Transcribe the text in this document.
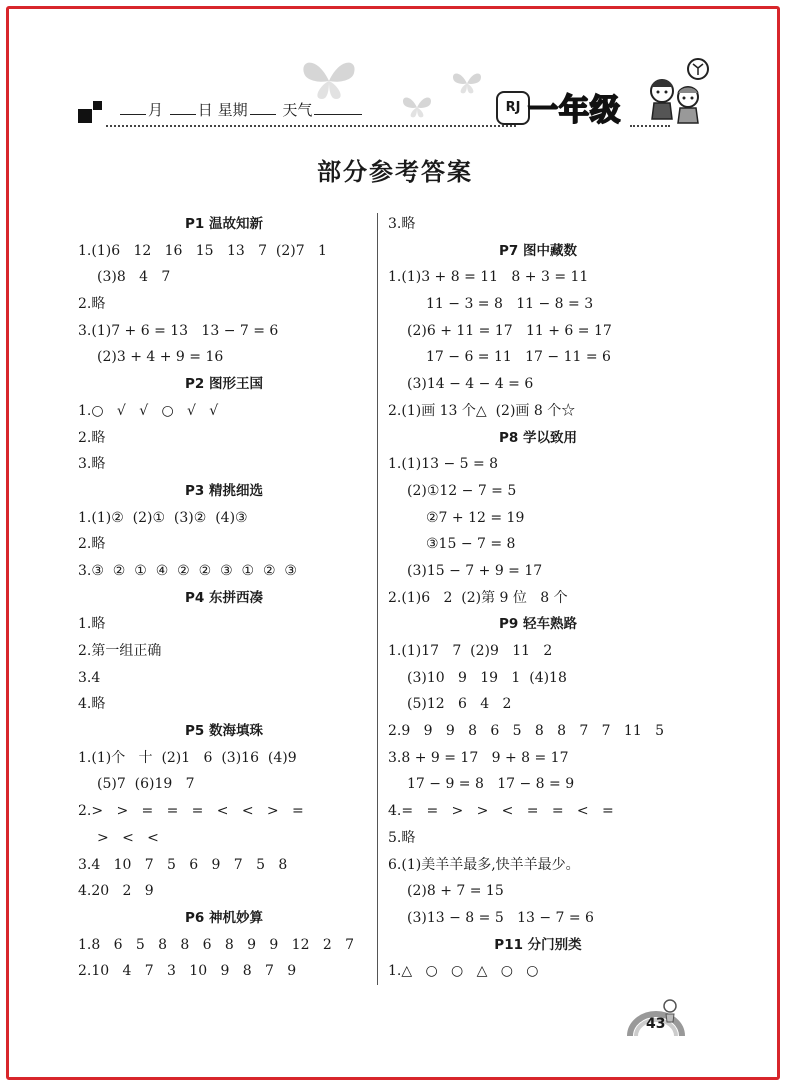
月 日 星期 天气	RJ 一年级
部分参考答案
P1 温故知新
1.(1)6   12   16   15   13   7  (2)7   1
(3)8   4   7
2.略
3.(1)7 + 6 = 13   13 − 7 = 6
(2)3 + 4 + 9 = 16
P2 图形王国
1.○   √   √   ○   √   √
2.略
3.略
P3 精挑细选
1.(1)②  (2)①  (3)②  (4)③
2.略
3.③  ②  ①  ④  ②  ②  ③  ①  ②  ③
P4 东拼西凑
1.略
2.第一组正确
3.4
4.略
P5 数海填珠
1.(1)个   十  (2)1   6  (3)16  (4)9
(5)7  (6)19   7
2.>   >   =   =   =   <   <   >   =
>   <   <
3.4   10   7   5   6   9   7   5   8
4.20   2   9
P6 神机妙算
1.8   6   5   8   8   6   8   9   9   12   2   7
2.10   4   7   3   10   9   8   7   9
3.略
P7 图中藏数
1.(1)3 + 8 = 11   8 + 3 = 11
11 − 3 = 8   11 − 8 = 3
(2)6 + 11 = 17   11 + 6 = 17
17 − 6 = 11   17 − 11 = 6
(3)14 − 4 − 4 = 6
2.(1)画 13 个△  (2)画 8 个☆
P8 学以致用
1.(1)13 − 5 = 8
(2)①12 − 7 = 5
②7 + 12 = 19
③15 − 7 = 8
(3)15 − 7 + 9 = 17
2.(1)6   2  (2)第 9 位   8 个
P9 轻车熟路
1.(1)17   7  (2)9   11   2
(3)10   9   19   1  (4)18
(5)12   6   4   2
2.9   9   9   8   6   5   8   8   7   7   11   5
3.8 + 9 = 17   9 + 8 = 17
17 − 9 = 8   17 − 8 = 9
4.=   =   >   >   <   =   =   <   =
5.略
6.(1)美羊羊最多,快羊羊最少。
(2)8 + 7 = 15
(3)13 − 8 = 5   13 − 7 = 6
P11 分门别类
1.△   ○   ○   △   ○   ○
43
